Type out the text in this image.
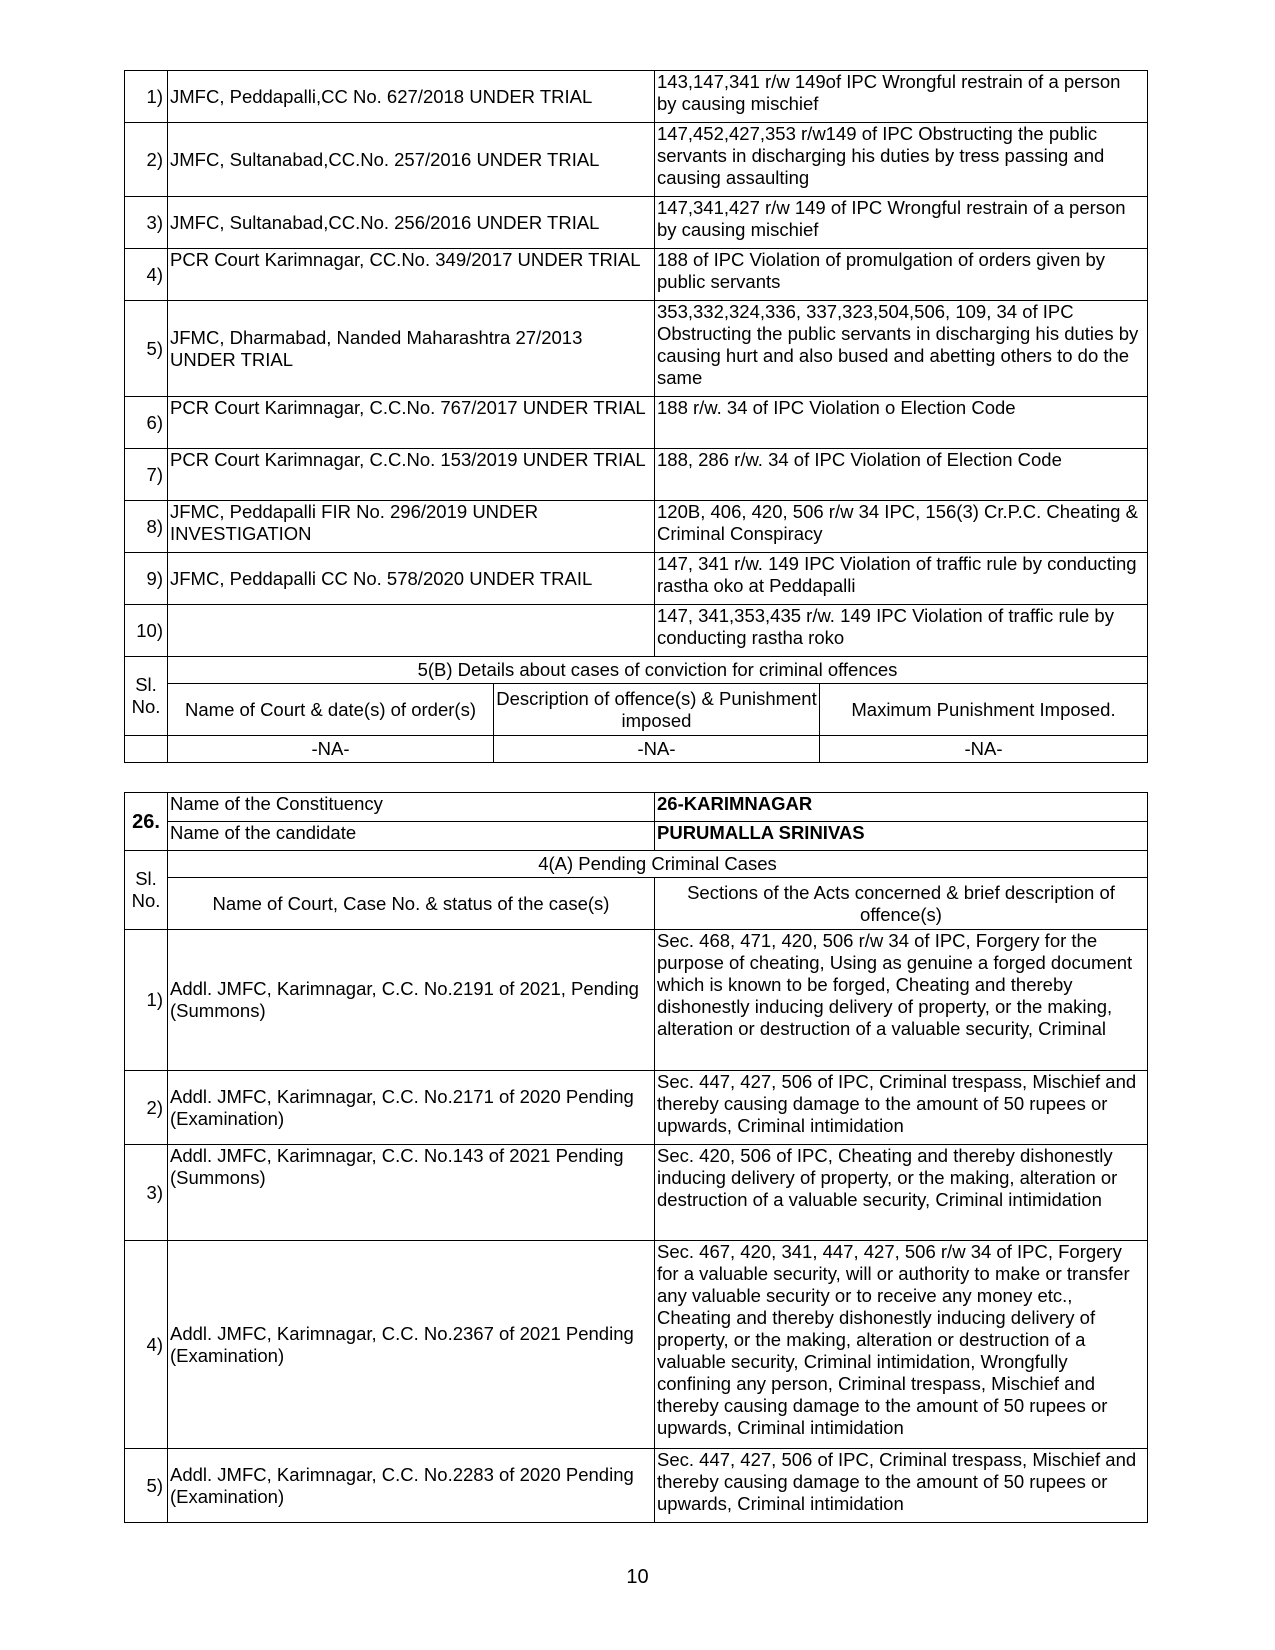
1)	JMFC, Peddapalli,CC No. 627/2018 UNDER TRIAL		143,147,341 r/w 149of IPC Wrongful restrain of a person by causing mischief	
2)	JMFC, Sultanabad,CC.No. 257/2016 UNDER TRIAL		147,452,427,353 r/w149 of IPC Obstructing the public servants in discharging his duties by tress passing and causing assaulting	
3)	JMFC, Sultanabad,CC.No. 256/2016 UNDER TRIAL		147,341,427 r/w 149 of IPC Wrongful restrain of a person by causing mischief	
4)	PCR Court Karimnagar, CC.No. 349/2017 UNDER TRIAL		188 of IPC Violation of promulgation of orders given by public servants	
5)	JFMC, Dharmabad, Nanded Maharashtra 27/2013 UNDER TRIAL		353,332,324,336, 337,323,504,506, 109, 34 of IPC Obstructing the public servants in discharging his duties by causing hurt and also bused and abetting others to do the same	
6)	PCR Court Karimnagar, C.C.No. 767/2017 UNDER TRIAL		188 r/w. 34 of IPC Violation o Election Code	
7)	PCR Court Karimnagar, C.C.No. 153/2019 UNDER TRIAL		188, 286 r/w. 34 of IPC Violation of Election Code	
8)	JFMC, Peddapalli FIR No. 296/2019 UNDER INVESTIGATION		120B, 406, 420, 506 r/w 34 IPC, 156(3) Cr.P.C. Cheating & Criminal Conspiracy	
9)	JFMC, Peddapalli CC No. 578/2020 UNDER TRAIL		147, 341 r/w. 149 IPC Violation of traffic rule by conducting rastha oko at Peddapalli	
10)			147, 341,353,435 r/w. 149 IPC Violation of traffic rule by conducting rastha roko	
Sl. No.	5(B) Details about cases of conviction for criminal offences			
	Name of Court & date(s) of order(s)	Description of offence(s) & Punishment imposed		Maximum Punishment Imposed.
	-NA-	-NA-		-NA-
26.	Name of the Constituency	26-KARIMNAGAR
	Name of the candidate	PURUMALLA SRINIVAS
Sl. No.	4(A) Pending Criminal Cases	
	Name of Court, Case No. & status of the case(s)	Sections of the Acts concerned & brief description of offence(s)
1)	Addl. JMFC, Karimnagar, C.C. No.2191 of 2021, Pending (Summons)	Sec. 468, 471, 420, 506 r/w 34 of IPC, Forgery for the purpose of cheating, Using as genuine a forged document which is known to be forged, Cheating and thereby dishonestly inducing delivery of property, or the making, alteration or destruction of a valuable security, Criminal
2)	Addl. JMFC, Karimnagar, C.C. No.2171 of 2020 Pending (Examination)	Sec. 447, 427, 506 of IPC, Criminal trespass, Mischief and thereby causing damage to the amount of 50 rupees or upwards, Criminal intimidation
3)	Addl. JMFC, Karimnagar, C.C. No.143 of 2021 Pending (Summons)	Sec. 420, 506 of IPC, Cheating and thereby dishonestly inducing delivery of property, or the making, alteration or destruction of a valuable security, Criminal intimidation
4)	Addl. JMFC, Karimnagar, C.C. No.2367 of 2021 Pending (Examination)	Sec. 467, 420, 341, 447, 427, 506 r/w 34 of IPC, Forgery for a valuable security, will or authority to make or transfer any valuable security or to receive any money etc., Cheating and thereby dishonestly inducing delivery of property, or the making, alteration or destruction of a valuable security, Criminal intimidation, Wrongfully confining any person, Criminal trespass, Mischief and thereby causing damage to the amount of 50 rupees or upwards, Criminal intimidation
5)	Addl. JMFC, Karimnagar, C.C. No.2283 of 2020 Pending (Examination)	Sec. 447, 427, 506 of IPC, Criminal trespass, Mischief and thereby causing damage to the amount of 50 rupees or upwards, Criminal intimidation
10
